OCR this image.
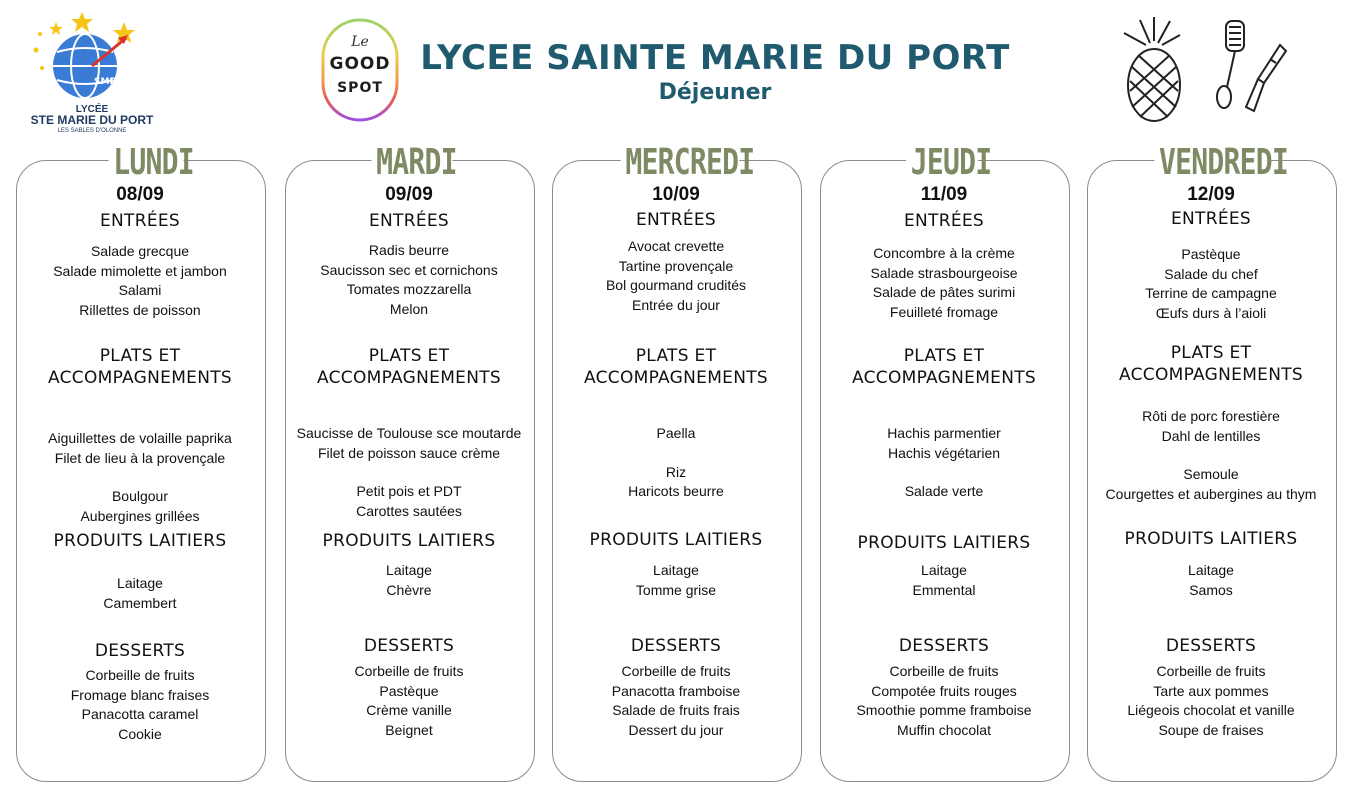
LYCEE SAINTE MARIE DU PORT
Déjeuner
SMP
LYCÉE
STE MARIE DU PORT
LES SABLES D'OLONNE
Le
GOOD
SPOT
LUNDI
08/09
ENTRÉES
Salade grecque
Salade mimolette et jambon
Salami
Rillettes de poisson
PLATS ET
ACCOMPAGNEMENTS
Aiguillettes de volaille paprika
Filet de lieu à la provençale
Boulgour
Aubergines grillées
PRODUITS LAITIERS
Laitage
Camembert
DESSERTS
Corbeille de fruits
Fromage blanc fraises
Panacotta caramel
Cookie
MARDI
09/09
ENTRÉES
Radis beurre
Saucisson sec et cornichons
Tomates mozzarella
Melon
PLATS ET
ACCOMPAGNEMENTS
Saucisse de Toulouse sce moutarde
Filet de poisson sauce crème
Petit pois et PDT
Carottes sautées
PRODUITS LAITIERS
Laitage
Chèvre
DESSERTS
Corbeille de fruits
Pastèque
Crème vanille
Beignet
MERCREDI
10/09
ENTRÉES
Avocat crevette
Tartine provençale
Bol gourmand crudités
Entrée du jour
PLATS ET
ACCOMPAGNEMENTS
Paella
Riz
Haricots beurre
PRODUITS LAITIERS
Laitage
Tomme grise
DESSERTS
Corbeille de fruits
Panacotta framboise
Salade de fruits frais
Dessert du jour
JEUDI
11/09
ENTRÉES
Concombre à la crème
Salade strasbourgeoise
Salade de pâtes surimi
Feuilleté fromage
PLATS ET
ACCOMPAGNEMENTS
Hachis parmentier
Hachis végétarien
Salade verte
PRODUITS LAITIERS
Laitage
Emmental
DESSERTS
Corbeille de fruits
Compotée fruits rouges
Smoothie pomme framboise
Muffin chocolat
VENDREDI
12/09
ENTRÉES
Pastèque
Salade du chef
Terrine de campagne
Œufs durs à l’aioli
PLATS ET
ACCOMPAGNEMENTS
Rôti de porc forestière
Dahl de lentilles
Semoule
Courgettes et aubergines au thym
PRODUITS LAITIERS
Laitage
Samos
DESSERTS
Corbeille de fruits
Tarte aux pommes
Liégeois chocolat et vanille
Soupe de fraises
